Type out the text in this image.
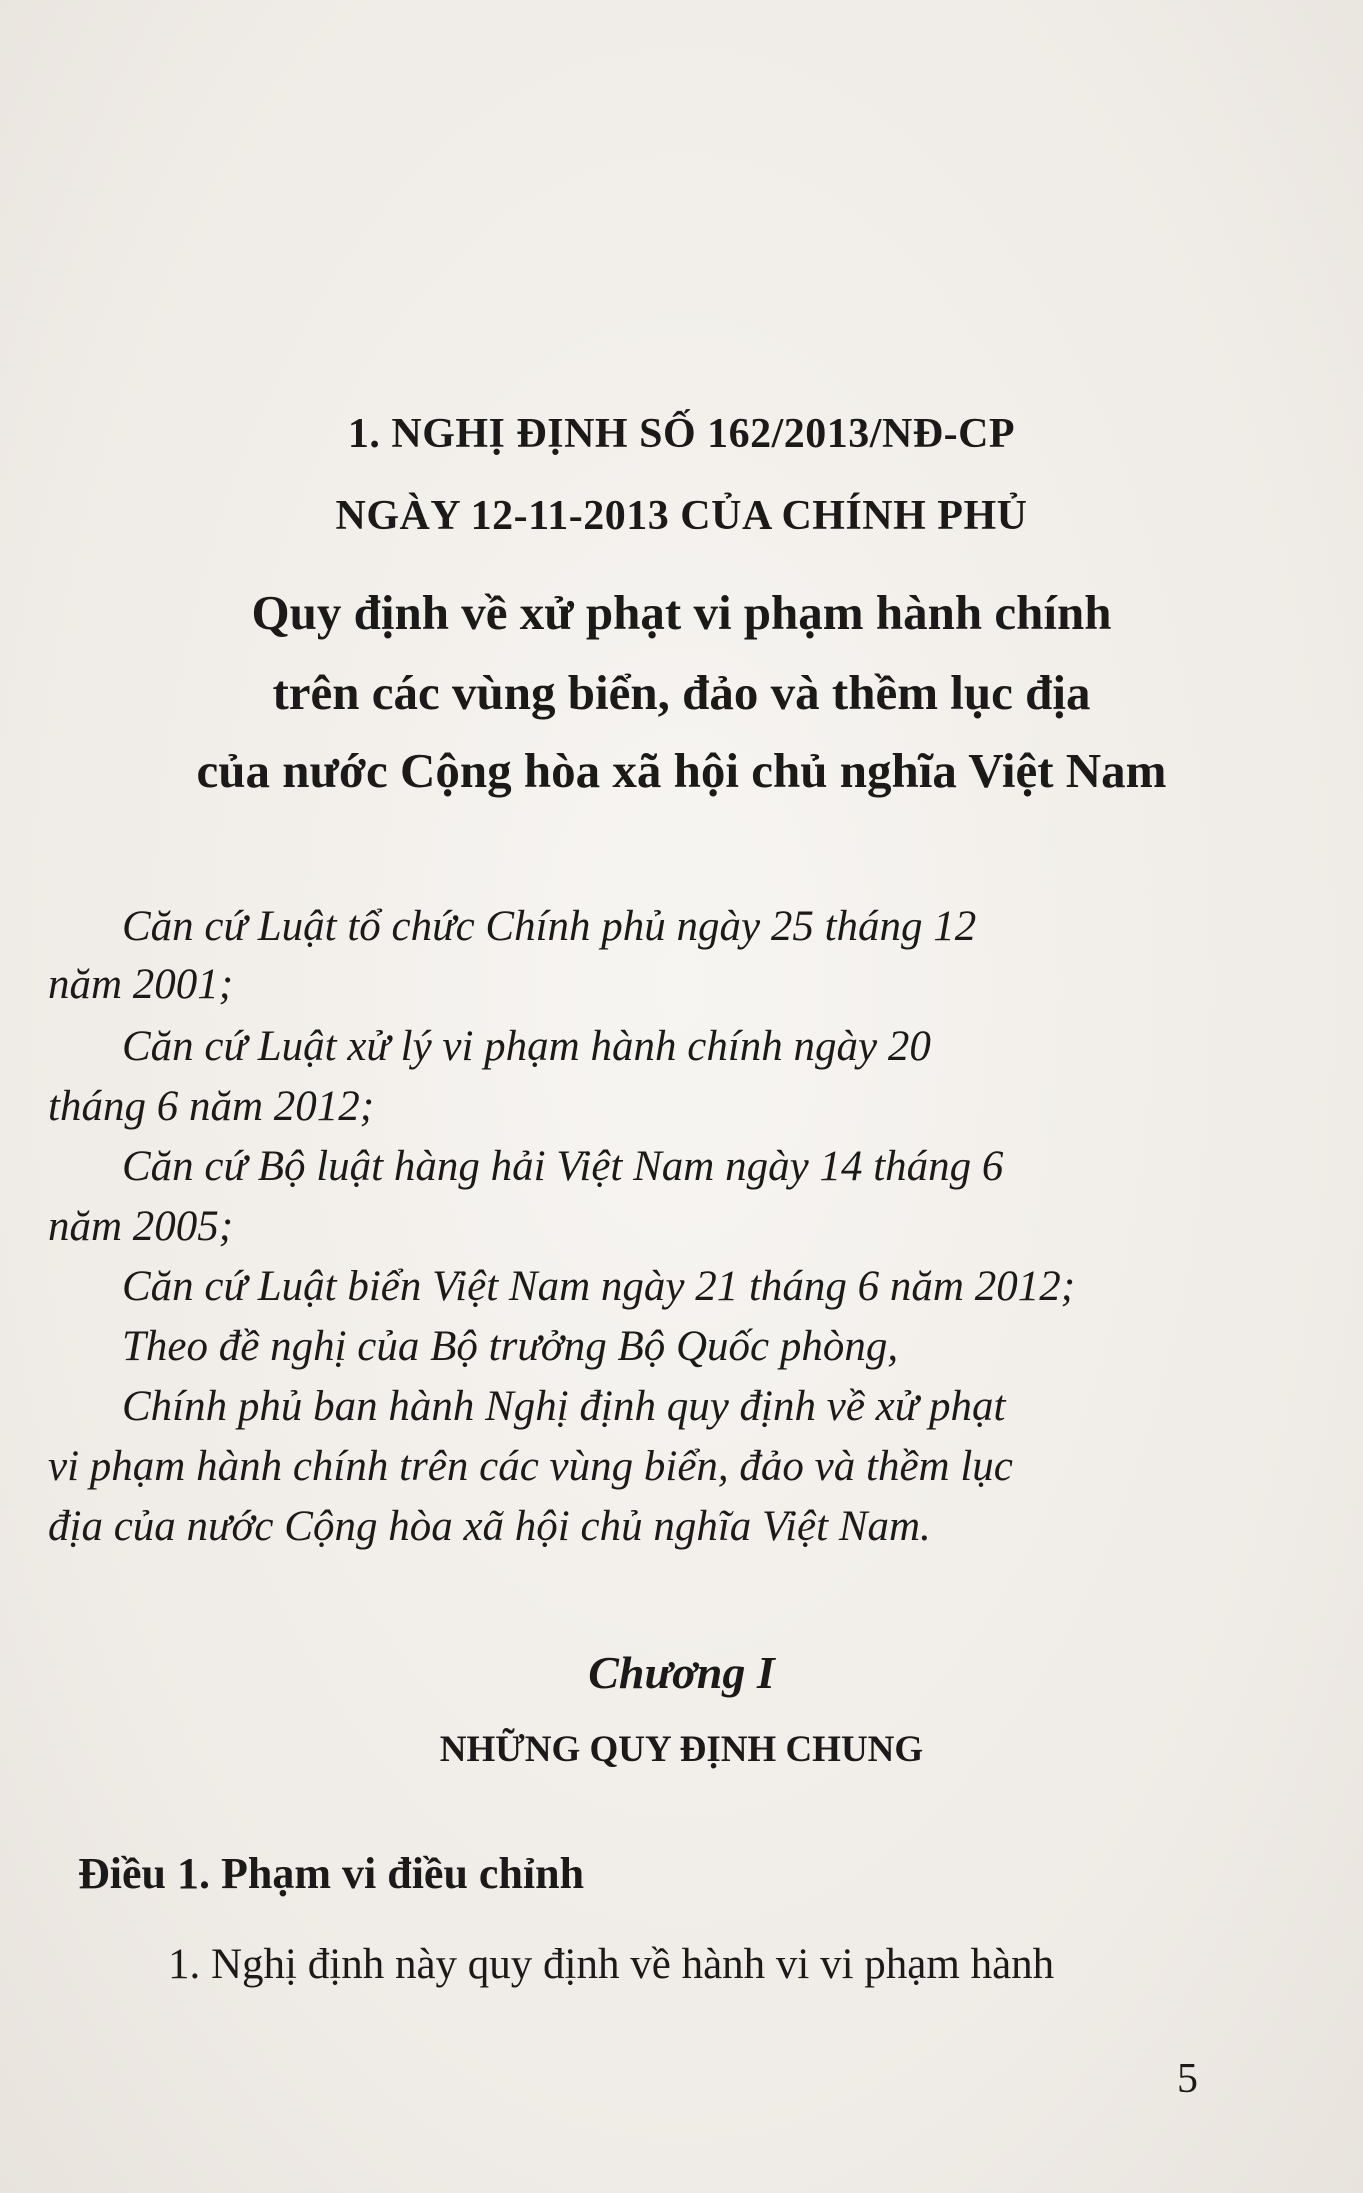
1. NGHỊ ĐỊNH SỐ 162/2013/NĐ-CP
NGÀY 12-11-2013 CỦA CHÍNH PHỦ
Quy định về xử phạt vi phạm hành chính
trên các vùng biển, đảo và thềm lục địa
của nước Cộng hòa xã hội chủ nghĩa Việt Nam
Căn cứ Luật tổ chức Chính phủ ngày 25 tháng 12
năm 2001;
Căn cứ Luật xử lý vi phạm hành chính ngày 20
tháng 6 năm 2012;
Căn cứ Bộ luật hàng hải Việt Nam ngày 14 tháng 6
năm 2005;
Căn cứ Luật biển Việt Nam ngày 21 tháng 6 năm 2012;
Theo đề nghị của Bộ trưởng Bộ Quốc phòng,
Chính phủ ban hành Nghị định quy định về xử phạt
vi phạm hành chính trên các vùng biển, đảo và thềm lục
địa của nước Cộng hòa xã hội chủ nghĩa Việt Nam.
Chương I
NHỮNG QUY ĐỊNH CHUNG
Điều 1. Phạm vi điều chỉnh
1. Nghị định này quy định về hành vi vi phạm hành
5
